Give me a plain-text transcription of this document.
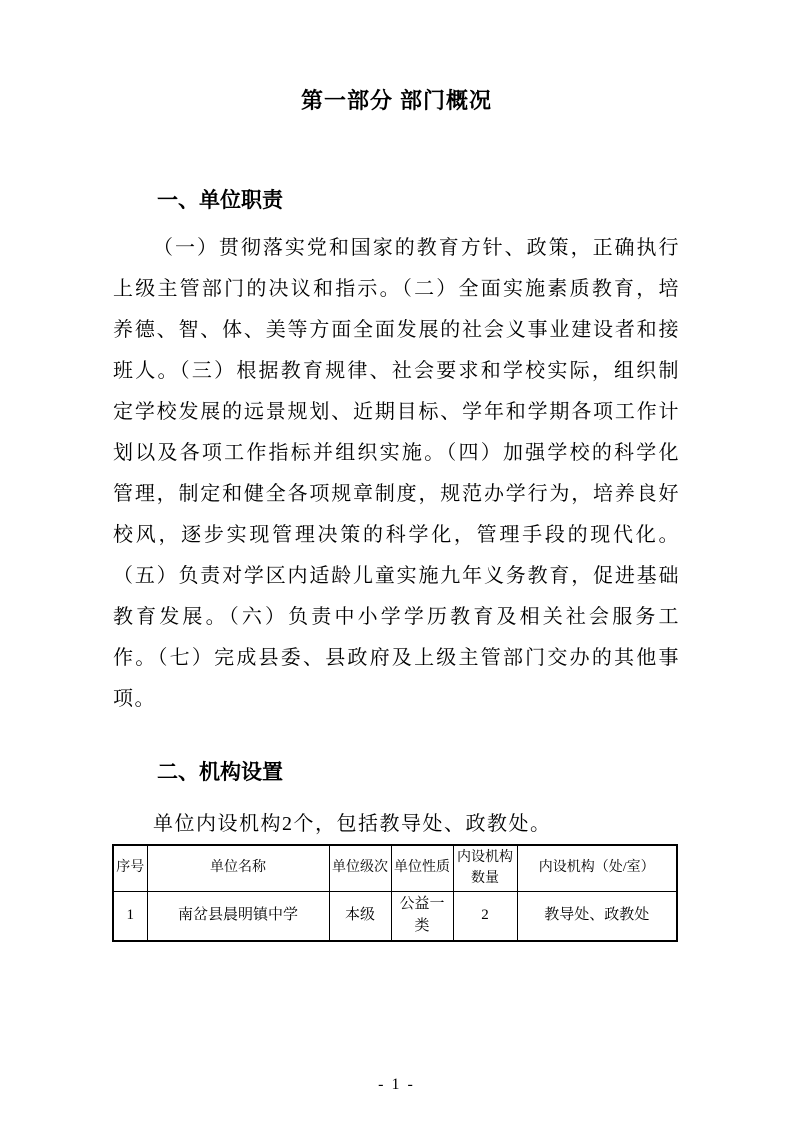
第一部分 部门概况
一、单位职责
（一）贯彻落实党和国家的教育方针、政策，正确执行上级主管部门的决议和指示。（二）全面实施素质教育，培养德、智、体、美等方面全面发展的社会义事业建设者和接班人。（三）根据教育规律、社会要求和学校实际，组织制定学校发展的远景规划、近期目标、学年和学期各项工作计划以及各项工作指标并组织实施。（四）加强学校的科学化管理，制定和健全各项规章制度，规范办学行为，培养良好校风，逐步实现管理决策的科学化，管理手段的现代化。（五）负责对学区内适龄儿童实施九年义务教育，促进基础教育发展。（六）负责中小学学历教育及相关社会服务工作。（七）完成县委、县政府及上级主管部门交办的其他事项。
二、机构设置
单位内设机构2个，包括教导处、政教处。
序号	单位名称	单位级次	单位性质	内设机构数量	内设机构（处/室）
1	南岔县晨明镇中学	本级	公益一类	2	教导处、政教处
- 1 -
